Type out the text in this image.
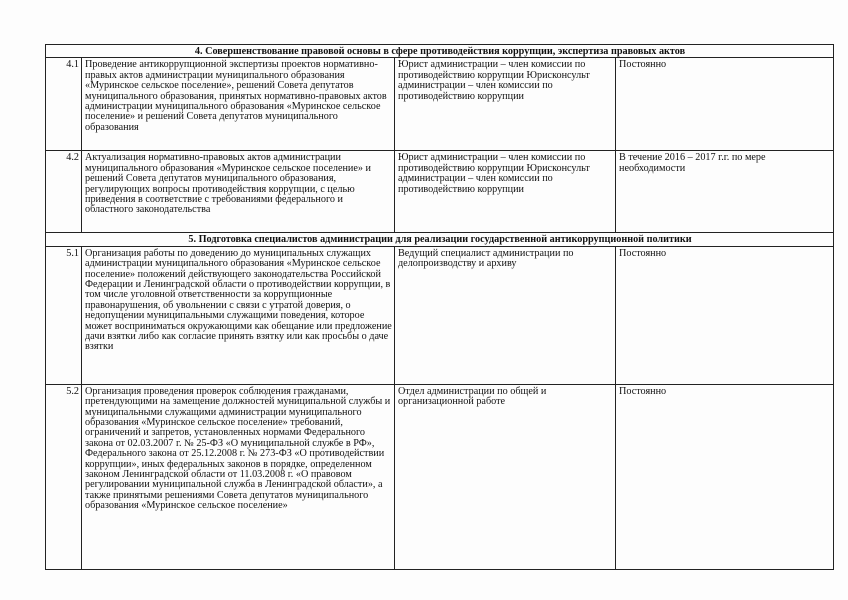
4. Совершенствование правовой основы в сфере противодействия коррупции, экспертиза правовых актов			
4.1	Проведение антикоррупционной экспертизы проектов нормативно-правых актов администрации муниципального образования «Муринское сельское поселение», решений Совета депутатов муниципального образования, принятых нормативно-правовых актов администрации муниципального образования «Муринское сельское поселение» и решений Совета депутатов муниципального образования	Юрист администрации – член комиссии по противодействию коррупции Юрисконсульт администрации – член комиссии по противодействию коррупции	Постоянно
4.2	Актуализация нормативно-правовых актов администрации муниципального образования «Муринское сельское поселение» и решений Совета депутатов муниципального образования, регулирующих вопросы противодействия коррупции, с целью приведения в соответствие с требованиями федерального и областного законодательства	Юрист администрации – член комиссии по противодействию коррупции Юрисконсульт администрации – член комиссии по противодействию коррупции	В течение 2016 – 2017 г.г. по мере необходимости
5. Подготовка специалистов администрации для реализации государственной антикоррупционной политики			
5.1	Организация работы по доведению до муниципальных служащих администрации муниципального образования «Муринское сельское поселение» положений действующего законодательства Российской Федерации и Ленинградской области о противодействии коррупции, в том числе уголовной ответственности за коррупционные правонарушения, об увольнении с связи с утратой доверия, о недопущении муниципальными служащими поведения, которое может восприниматься окружающими как обещание или предложение дачи взятки либо как согласие принять взятку или как просьбы о даче взятки	Ведущий специалист администрации по делопроизводству и архиву	Постоянно
5.2	Организация проведения проверок соблюдения гражданами, претендующими на замещение должностей муниципальной службы и муниципальными служащими администрации муниципального образования «Муринское сельское поселение» требований, ограничений и запретов, установленных нормами Федерального закона от 02.03.2007 г. № 25-ФЗ «О муниципальной службе в РФ», Федерального закона от 25.12.2008 г. № 273-ФЗ «О противодействии коррупции», иных федеральных законов в порядке, определенном законом Ленинградской области от 11.03.2008 г. «О правовом регулировании муниципальной служба в Ленинградской области», а также принятыми решениями Совета депутатов муниципального образования «Муринское сельское поселение»	Отдел администрации по общей и организационной работе	Постоянно
